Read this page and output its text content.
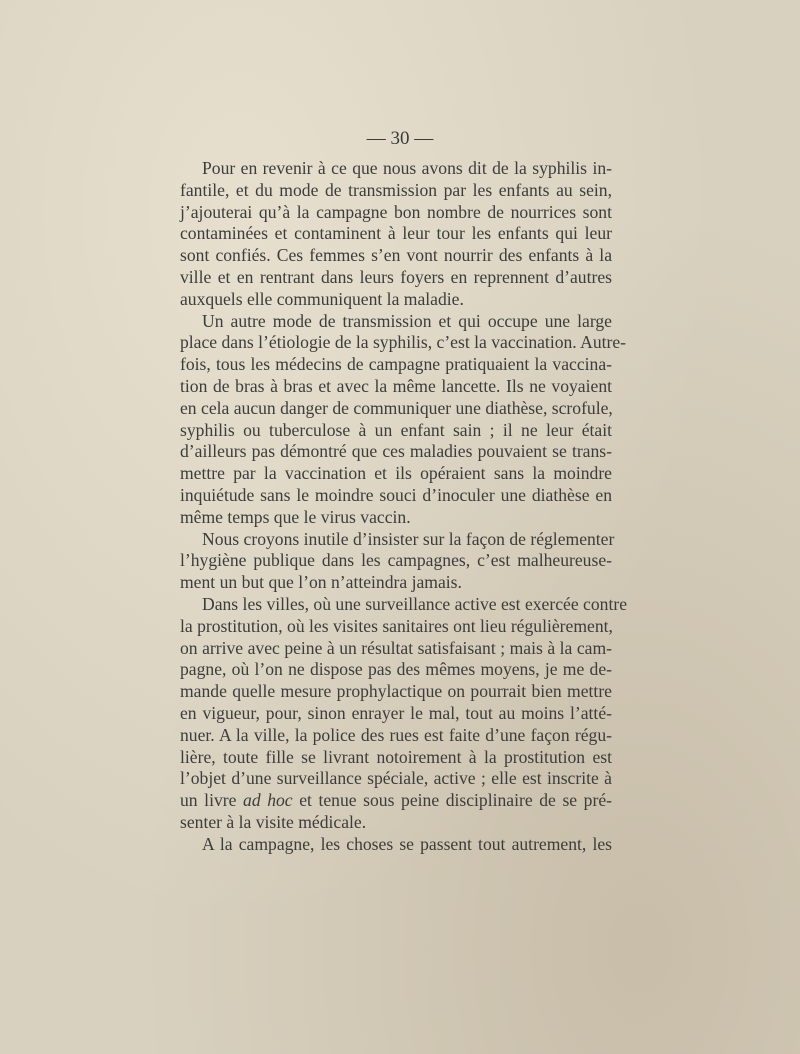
— 30 —
Pour en revenir à ce que nous avons dit de la syphilis in-
fantile, et du mode de transmission par les enfants au sein,
j’ajouterai qu’à la campagne bon nombre de nourrices sont
contaminées et contaminent à leur tour les enfants qui leur
sont confiés. Ces femmes s’en vont nourrir des enfants à la
ville et en rentrant dans leurs foyers en reprennent d’autres
auxquels elle communiquent la maladie.
Un autre mode de transmission et qui occupe une large
place dans l’étiologie de la syphilis, c’est la vaccination. Autre-
fois, tous les médecins de campagne pratiquaient la vaccina-
tion de bras à bras et avec la même lancette. Ils ne voyaient
en cela aucun danger de communiquer une diathèse, scrofule,
syphilis ou tuberculose à un enfant sain ; il ne leur était
d’ailleurs pas démontré que ces maladies pouvaient se trans-
mettre par la vaccination et ils opéraient sans la moindre
inquiétude sans le moindre souci d’inoculer une diathèse en
même temps que le virus vaccin.
Nous croyons inutile d’insister sur la façon de réglementer
l’hygiène publique dans les campagnes, c’est malheureuse-
ment un but que l’on n’atteindra jamais.
Dans les villes, où une surveillance active est exercée contre
la prostitution, où les visites sanitaires ont lieu régulièrement,
on arrive avec peine à un résultat satisfaisant ; mais à la cam-
pagne, où l’on ne dispose pas des mêmes moyens, je me de-
mande quelle mesure prophylactique on pourrait bien mettre
en vigueur, pour, sinon enrayer le mal, tout au moins l’atté-
nuer. A la ville, la police des rues est faite d’une façon régu-
lière, toute fille se livrant notoirement à la prostitution est
l’objet d’une surveillance spéciale, active ; elle est inscrite à
un livre ad hoc et tenue sous peine disciplinaire de se pré-
senter à la visite médicale.
A la campagne, les choses se passent tout autrement, les
